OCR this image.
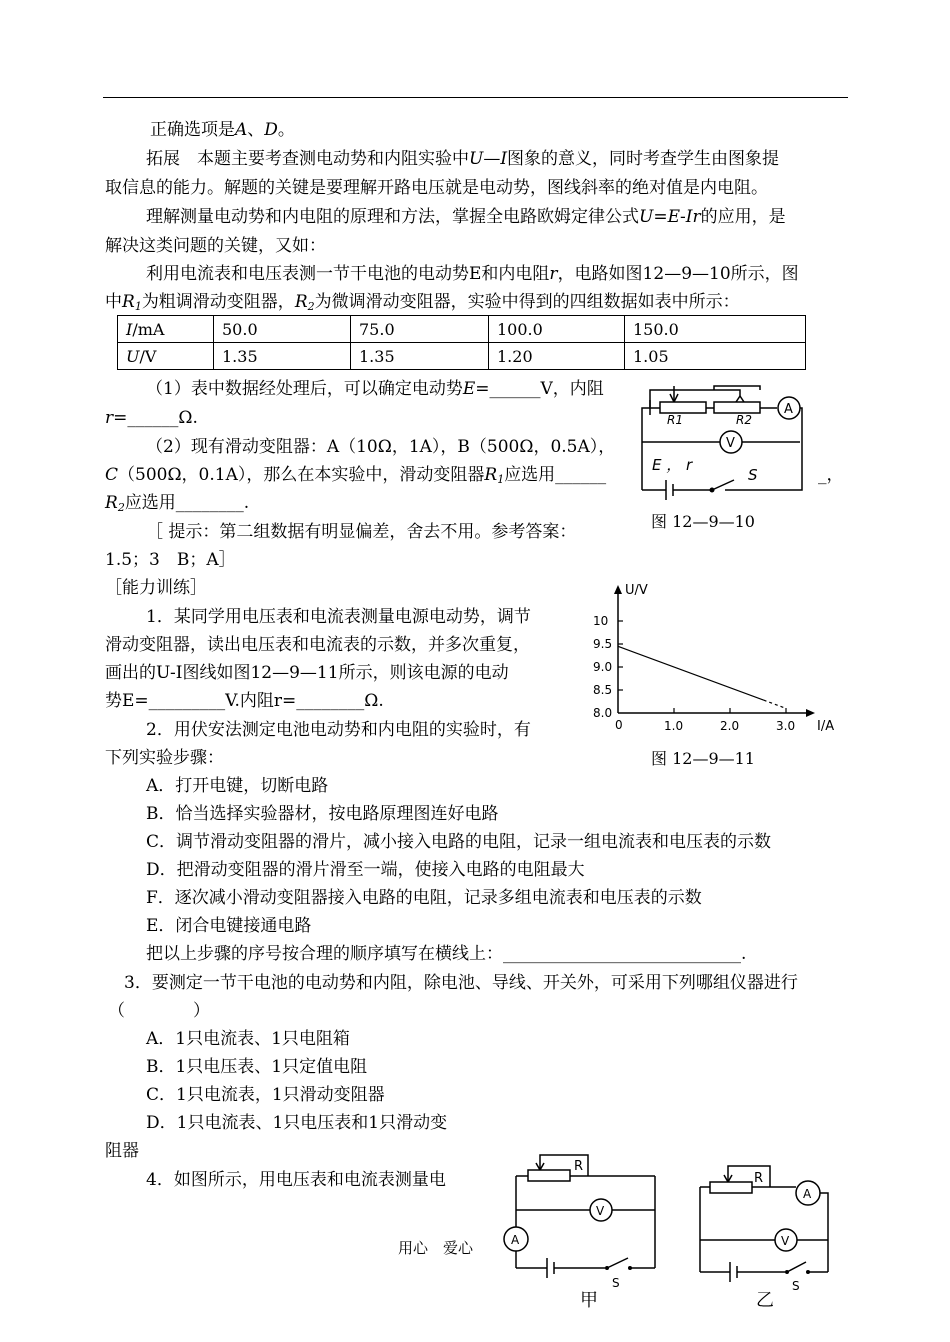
正确选项是A、D。
拓展　本题主要考查测电动势和内阻实验中U—I图象的意义，同时考查学生由图象提
取信息的能力。解题的关键是要理解开路电压就是电动势，图线斜率的绝对值是内电阻。
理解测量电动势和内电阻的原理和方法，掌握全电路欧姆定律公式U=E-Ir的应用，是
解决这类问题的关键，又如：
利用电流表和电压表测一节干电池的电动势E和内电阻r，电路如图12—9—10所示，图
中$R_1$为粗调滑动变阻器，$R_2$为微调滑动变阻器，实验中得到的四组数据如表中所示：
I/mA	50.0	75.0	100.0	150.0
U/V	1.35	1.35	1.20	1.05
（1）表中数据经处理后，可以确定电动势E=______V，内阻
r=______Ω.
（2）现有滑动变阻器：A（10Ω，1A），B（500Ω，0.5A），
C（500Ω，0.1A），那么在本实验中，滑动变阻器$R_1$应选用______	_，
$R_2$应选用________.
［ 提示：第二组数据有明显偏差，舍去不用。参考答案：
1.5；3　B；A］
［能力训练］
1．某同学用电压表和电流表测量电源电动势，调节
滑动变阻器，读出电压表和电流表的示数，并多次重复，
画出的U-I图线如图12—9—11所示，则该电源的电动
势E=_________V.内阻r=________Ω.
2．用伏安法测定电池电动势和内电阻的实验时，有
下列实验步骤：
A．打开电键，切断电路
B．恰当选择实验器材，按电路原理图连好电路
C．调节滑动变阻器的滑片，减小接入电路的电阻，记录一组电流表和电压表的示数
D．把滑动变阻器的滑片滑至一端，使接入电路的电阻最大
F．逐次减小滑动变阻器接入电路的电阻，记录多组电流表和电压表的示数
E．闭合电键接通电路
把以上步骤的序号按合理的顺序填写在横线上：____________________________.
3．要测定一节干电池的电动势和内阻，除电池、导线、开关外，可采用下列哪组仪器进行
（　　　　）
A．1只电流表、1只电阻箱
B．1只电压表、1只定值电阻
C．1只电流表，1只滑动变阻器
D．1只电流表、1只电压表和1只滑动变
阻器
4．如图所示，用电压表和电流表测量电
R1	R2
A
V
E ， r
S
图 12—9—10
8.0
8.5
9.0
9.5
10
1.0	2.0	3.0
U/V
I/A
0
图 12—9—11
R
V
A
S
甲
R
A
V
S
乙
用心　爱心　
